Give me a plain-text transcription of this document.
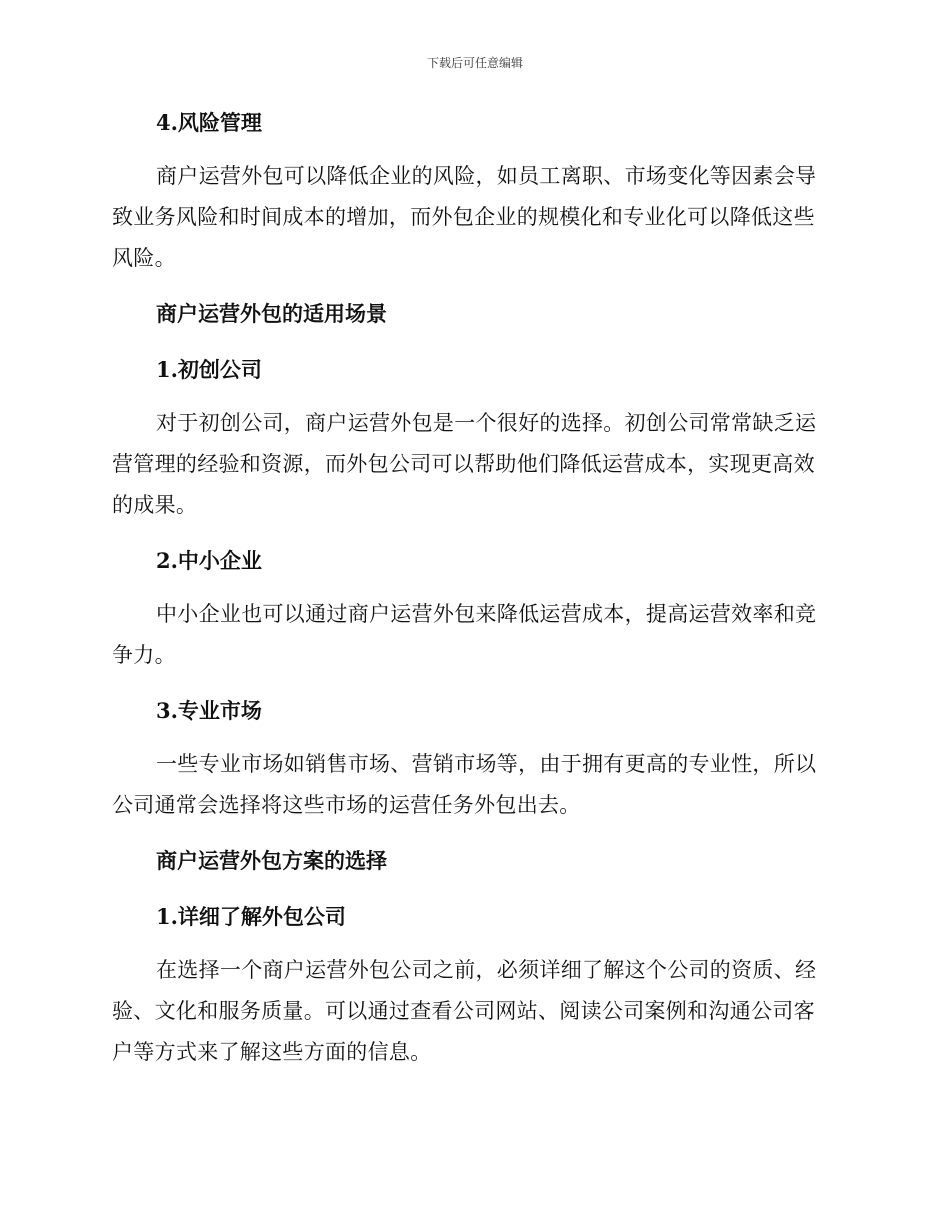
下载后可任意编辑
4.风险管理

商户运营外包可以降低企业的风险，如员工离职、市场变化等因素会导致业务风险和时间成本的增加，而外包企业的规模化和专业化可以降低这些风险。

商户运营外包的适用场景
1.初创公司

对于初创公司，商户运营外包是一个很好的选择。初创公司常常缺乏运营管理的经验和资源，而外包公司可以帮助他们降低运营成本，实现更高效的成果。

2.中小企业

中小企业也可以通过商户运营外包来降低运营成本，提高运营效率和竞争力。

3.专业市场

一些专业市场如销售市场、营销市场等，由于拥有更高的专业性，所以公司通常会选择将这些市场的运营任务外包出去。

商户运营外包方案的选择
1.详细了解外包公司

在选择一个商户运营外包公司之前，必须详细了解这个公司的资质、经验、文化和服务质量。可以通过查看公司网站、阅读公司案例和沟通公司客户等方式来了解这些方面的信息。
